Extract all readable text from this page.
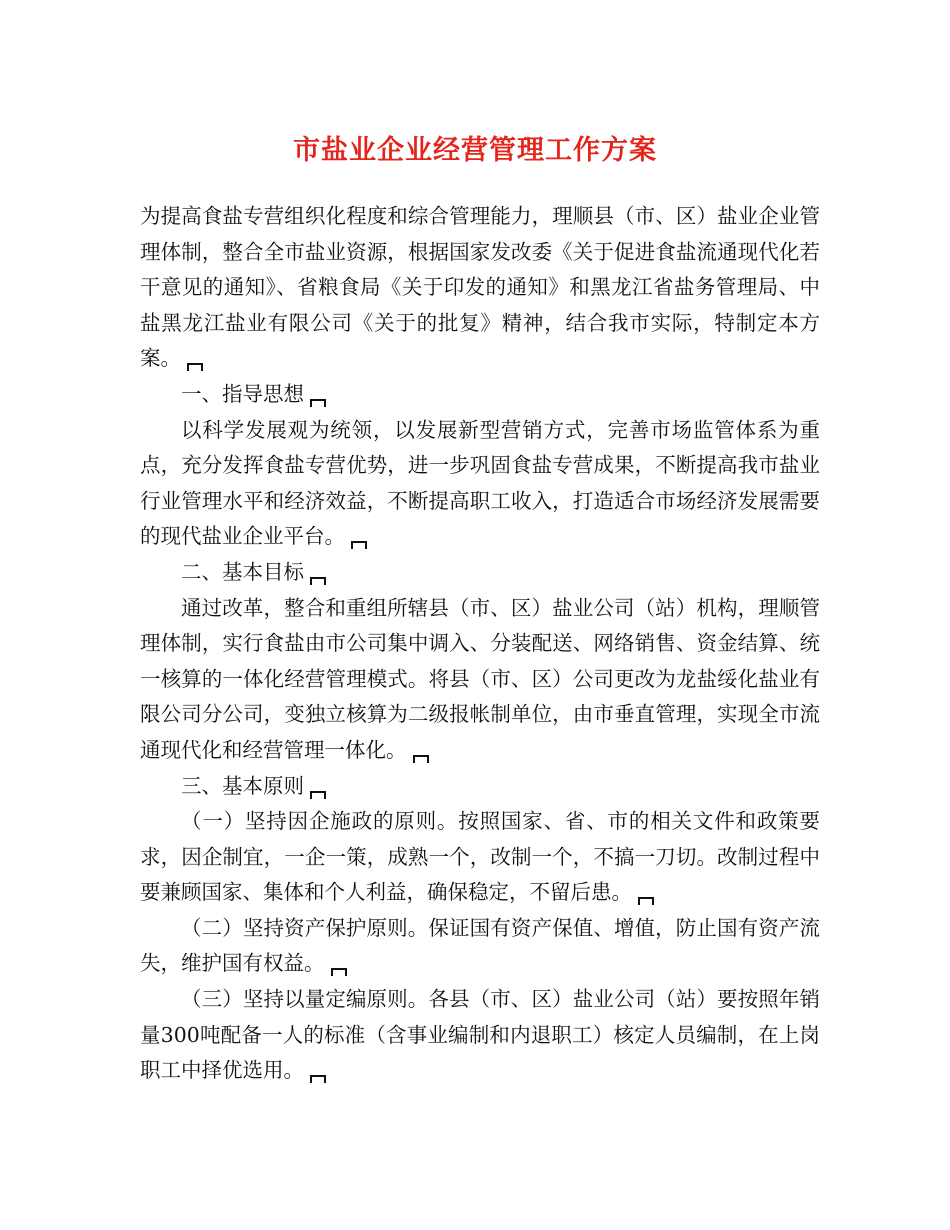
市盐业企业经营管理工作方案

为提高食盐专营组织化程度和综合管理能力，理顺县（市、区）盐业企业管理体制，整合全市盐业资源，根据国家发改委《关于促进食盐流通现代化若干意见的通知》、省粮食局《关于印发的通知》和黑龙江省盐务管理局、中盐黑龙江盐业有限公司《关于的批复》精神，结合我市实际，特制定本方案。

一、指导思想

以科学发展观为统领，以发展新型营销方式，完善市场监管体系为重点，充分发挥食盐专营优势，进一步巩固食盐专营成果，不断提高我市盐业行业管理水平和经济效益，不断提高职工收入，打造适合市场经济发展需要的现代盐业企业平台。

二、基本目标

通过改革，整合和重组所辖县（市、区）盐业公司（站）机构，理顺管理体制，实行食盐由市公司集中调入、分装配送、网络销售、资金结算、统一核算的一体化经营管理模式。将县（市、区）公司更改为龙盐绥化盐业有限公司分公司，变独立核算为二级报帐制单位，由市垂直管理，实现全市流通现代化和经营管理一体化。

三、基本原则

（一）坚持因企施政的原则。按照国家、省、市的相关文件和政策要求，因企制宜，一企一策，成熟一个，改制一个，不搞一刀切。改制过程中要兼顾国家、集体和个人利益，确保稳定，不留后患。

（二）坚持资产保护原则。保证国有资产保值、增值，防止国有资产流失，维护国有权益。

（三）坚持以量定编原则。各县（市、区）盐业公司（站）要按照年销量300吨配备一人的标准（含事业编制和内退职工）核定人员编制，在上岗职工中择优选用。
